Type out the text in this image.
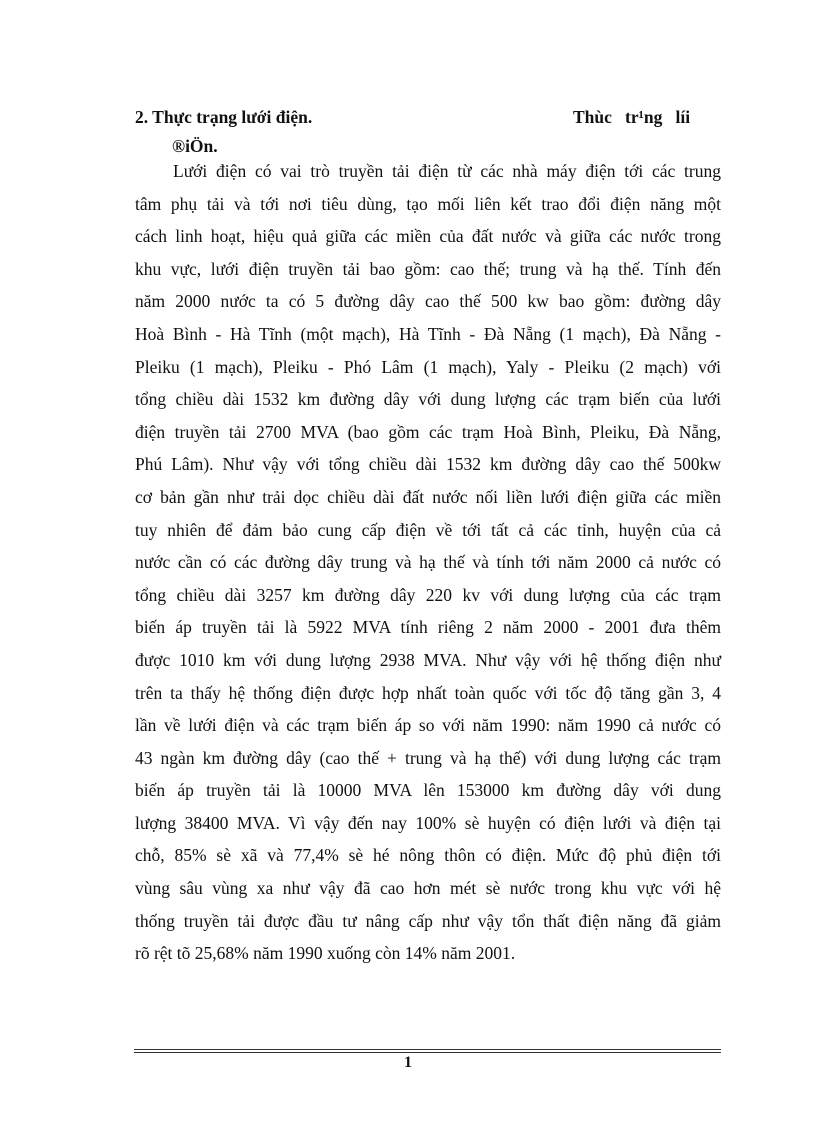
2. Thực trạng lưới điện.	Thùc   tr¹ng   líi
®iÖn.
Lưới điện có vai trò truyền tải điện từ các nhà máy điện tới các trung
tâm phụ tải và tới nơi tiêu dùng, tạo mối liên kết trao đổi điện năng một
cách linh hoạt, hiệu quả giữa các miền của đất nước và giữa các nước trong
khu vực, lưới điện truyền tải bao gồm: cao thế; trung và hạ thế. Tính đến
năm 2000 nước ta có 5 đường dây cao thế 500 kw bao gồm: đường dây
Hoà Bình - Hà Tĩnh (một mạch), Hà Tĩnh - Đà Nẵng (1 mạch), Đà Nẵng -
Pleiku (1 mạch), Pleiku - Phó Lâm (1 mạch), Yaly - Pleiku (2 mạch) với
tổng chiều dài 1532 km đường dây với dung lượng các trạm biến của lưới
điện truyền tải 2700 MVA (bao gồm các trạm Hoà Bình, Pleiku, Đà Nẵng,
Phú Lâm). Như vậy với tổng chiều dài 1532 km đường dây cao thế 500kw
cơ bản gần như trải dọc chiều dài đất nước nối liền lưới điện giữa các miền
tuy nhiên để đảm bảo cung cấp điện về tới tất cả các tỉnh, huyện của cả
nước cần có các đường dây trung và hạ thế và tính tới năm 2000 cả nước có
tổng chiều dài 3257 km đường dây 220 kv với dung lượng của các trạm
biến áp truyền tải là 5922 MVA tính riêng 2 năm 2000 - 2001 đưa thêm
được 1010 km với dung lượng 2938 MVA. Như vậy với hệ thống điện như
trên ta thấy hệ thống điện được hợp nhất toàn quốc với tốc độ tăng gần 3, 4
lần về lưới điện và các trạm biến áp so với năm 1990: năm 1990 cả nước có
43 ngàn km đường dây (cao thế + trung và hạ thế) với dung lượng các trạm
biến áp truyền tải là 10000 MVA lên 153000 km đường dây với dung
lượng 38400 MVA. Vì vậy đến nay 100% sè huyện có điện lưới và điện tại
chỗ, 85% sè xã và 77,4% sè hé nông thôn có điện. Mức độ phủ điện tới
vùng sâu vùng xa như vậy đã cao hơn mét sè nước trong khu vực với hệ
thống truyền tải được đầu tư nâng cấp như vậy tổn thất điện năng đã giảm
rõ rệt tõ 25,68% năm 1990 xuống còn 14% năm 2001.
1
